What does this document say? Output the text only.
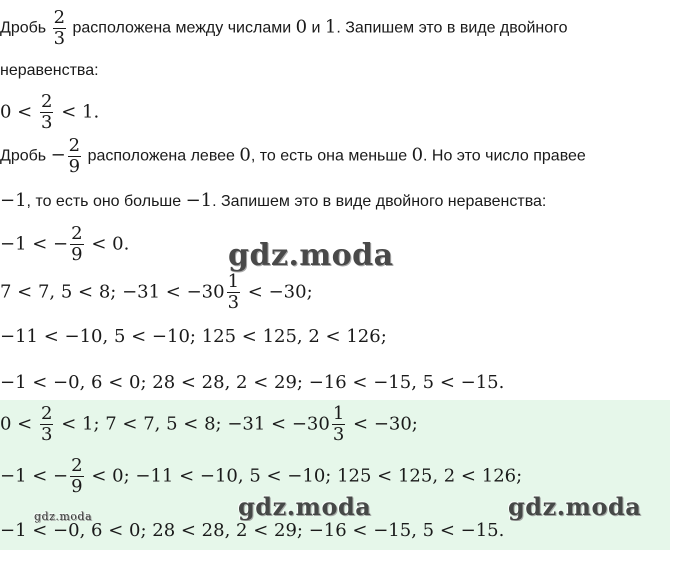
Дробь $\frac{2}{3}$ расположена между числами 0 и 1. Запишем это в виде двойного
неравенства:
$0 < \frac{2}{3} < 1$.
Дробь − $\frac{2}{9}$ расположена левее 0, то есть она меньше 0. Но это число правее
−1, то есть оно больше −1. Запишем это в виде двойного неравенства:
−1 < − $\frac{2}{9} < 0$.
7 < 7, 5 < 8; $-31 < -30 \frac{1}{3} < -30$;
−11 < −10, 5 < −10; 125 < 125, 2 < 126;
−1 < −0, 6 < 0; 28 < 28, 2 < 29; −16 < −15, 5 < −15.
$0 < \frac{2}{3} < 1$; 7 < 7, 5 < 8; $-31 < -30 \frac{1}{3} < -30$;
−1 < − $\frac{2}{9} < 0$; −11 < −10, 5 < −10; 125 < 125, 2 < 126;
−1 < −0, 6 < 0; 28 < 28, 2 < 29; −16 < −15, 5 < −15.
gdz.moda
gdz.moda	gdz.moda
gdz.moda
